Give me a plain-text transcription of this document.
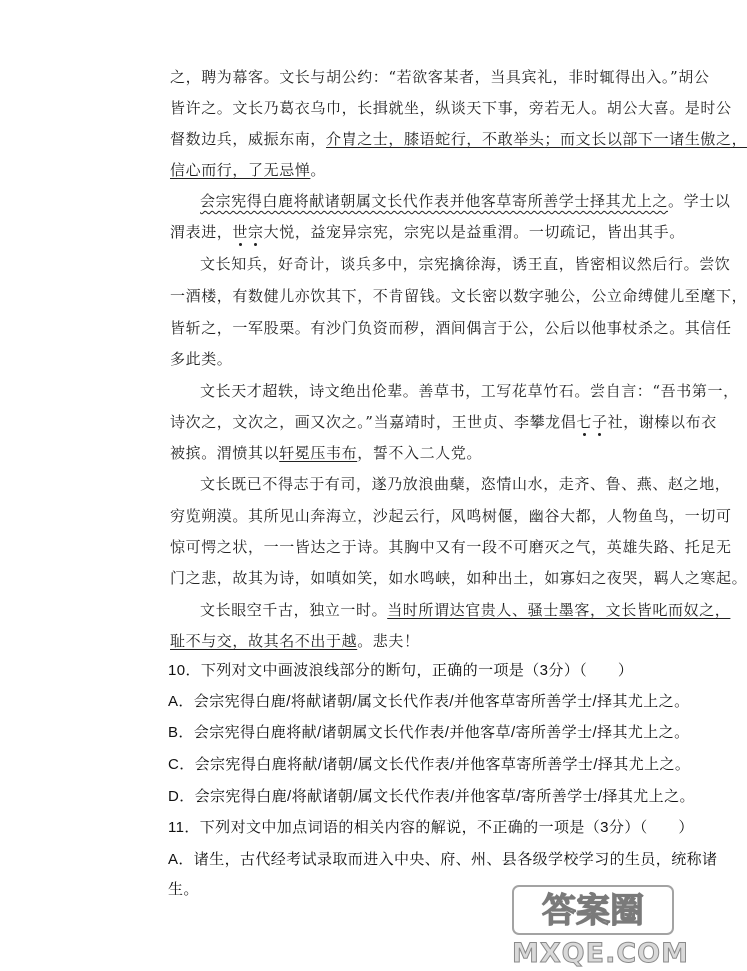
之，聘为幕客。文长与胡公约：“若欲客某者，当具宾礼，非时辄得出入。”胡公

皆许之。文长乃葛衣乌巾，长揖就坐，纵谈天下事，旁若无人。胡公大喜。是时公

督数边兵，威振东南，介胄之士，膝语蛇行，不敢举头；而文长以部下一诸生傲之，

信心而行，了无忌惮。

会宗宪得白鹿将献诸朝属文长代作表并他客草寄所善学士择其尤上之。学士以

渭表进，世宗大悦，益宠异宗宪，宗宪以是益重渭。一切疏记，皆出其手。

文长知兵，好奇计，谈兵多中，宗宪擒徐海，诱王直，皆密相议然后行。尝饮

一酒楼，有数健儿亦饮其下，不肯留钱。文长密以数字驰公，公立命缚健儿至麾下，

皆斩之，一军股栗。有沙门负资而秽，酒间偶言于公，公后以他事杖杀之。其信任

多此类。

文长天才超轶，诗文绝出伦辈。善草书，工写花草竹石。尝自言：“吾书第一，

诗次之，文次之，画又次之。”当嘉靖时，王世贞、李攀龙倡七子社，谢榛以布衣

被摈。渭愤其以轩冕压韦布，誓不入二人党。

文长既已不得志于有司，遂乃放浪曲蘖，恣情山水，走齐、鲁、燕、赵之地，

穷览朔漠。其所见山奔海立，沙起云行，风鸣树偃，幽谷大都，人物鱼鸟，一切可

惊可愕之状，一一皆达之于诗。其胸中又有一段不可磨灭之气，英雄失路、托足无

门之悲，故其为诗，如嗔如笑，如水鸣峡，如种出土，如寡妇之夜哭，羁人之寒起。

文长眼空千古，独立一时。当时所谓达官贵人、骚士墨客，文长皆叱而奴之，

耻不与交，故其名不出于越。悲夫！

10．下列对文中画波浪线部分的断句，正确的一项是（3分）（　　）

A．会宗宪得白鹿/将献诸朝/属文长代作表/并他客草寄所善学士/择其尤上之。

B．会宗宪得白鹿将献/诸朝属文长代作表/并他客草/寄所善学士/择其尤上之。

C．会宗宪得白鹿将献/诸朝/属文长代作表/并他客草寄所善学士/择其尤上之。

D．会宗宪得白鹿/将献诸朝/属文长代作表/并他客草/寄所善学士/择其尤上之。

11．下列对文中加点词语的相关内容的解说，不正确的一项是（3分）（　　）

A．诸生，古代经考试录取而进入中央、府、州、县各级学校学习的生员，统称诸

生。

答案圈
MXQE.COM
